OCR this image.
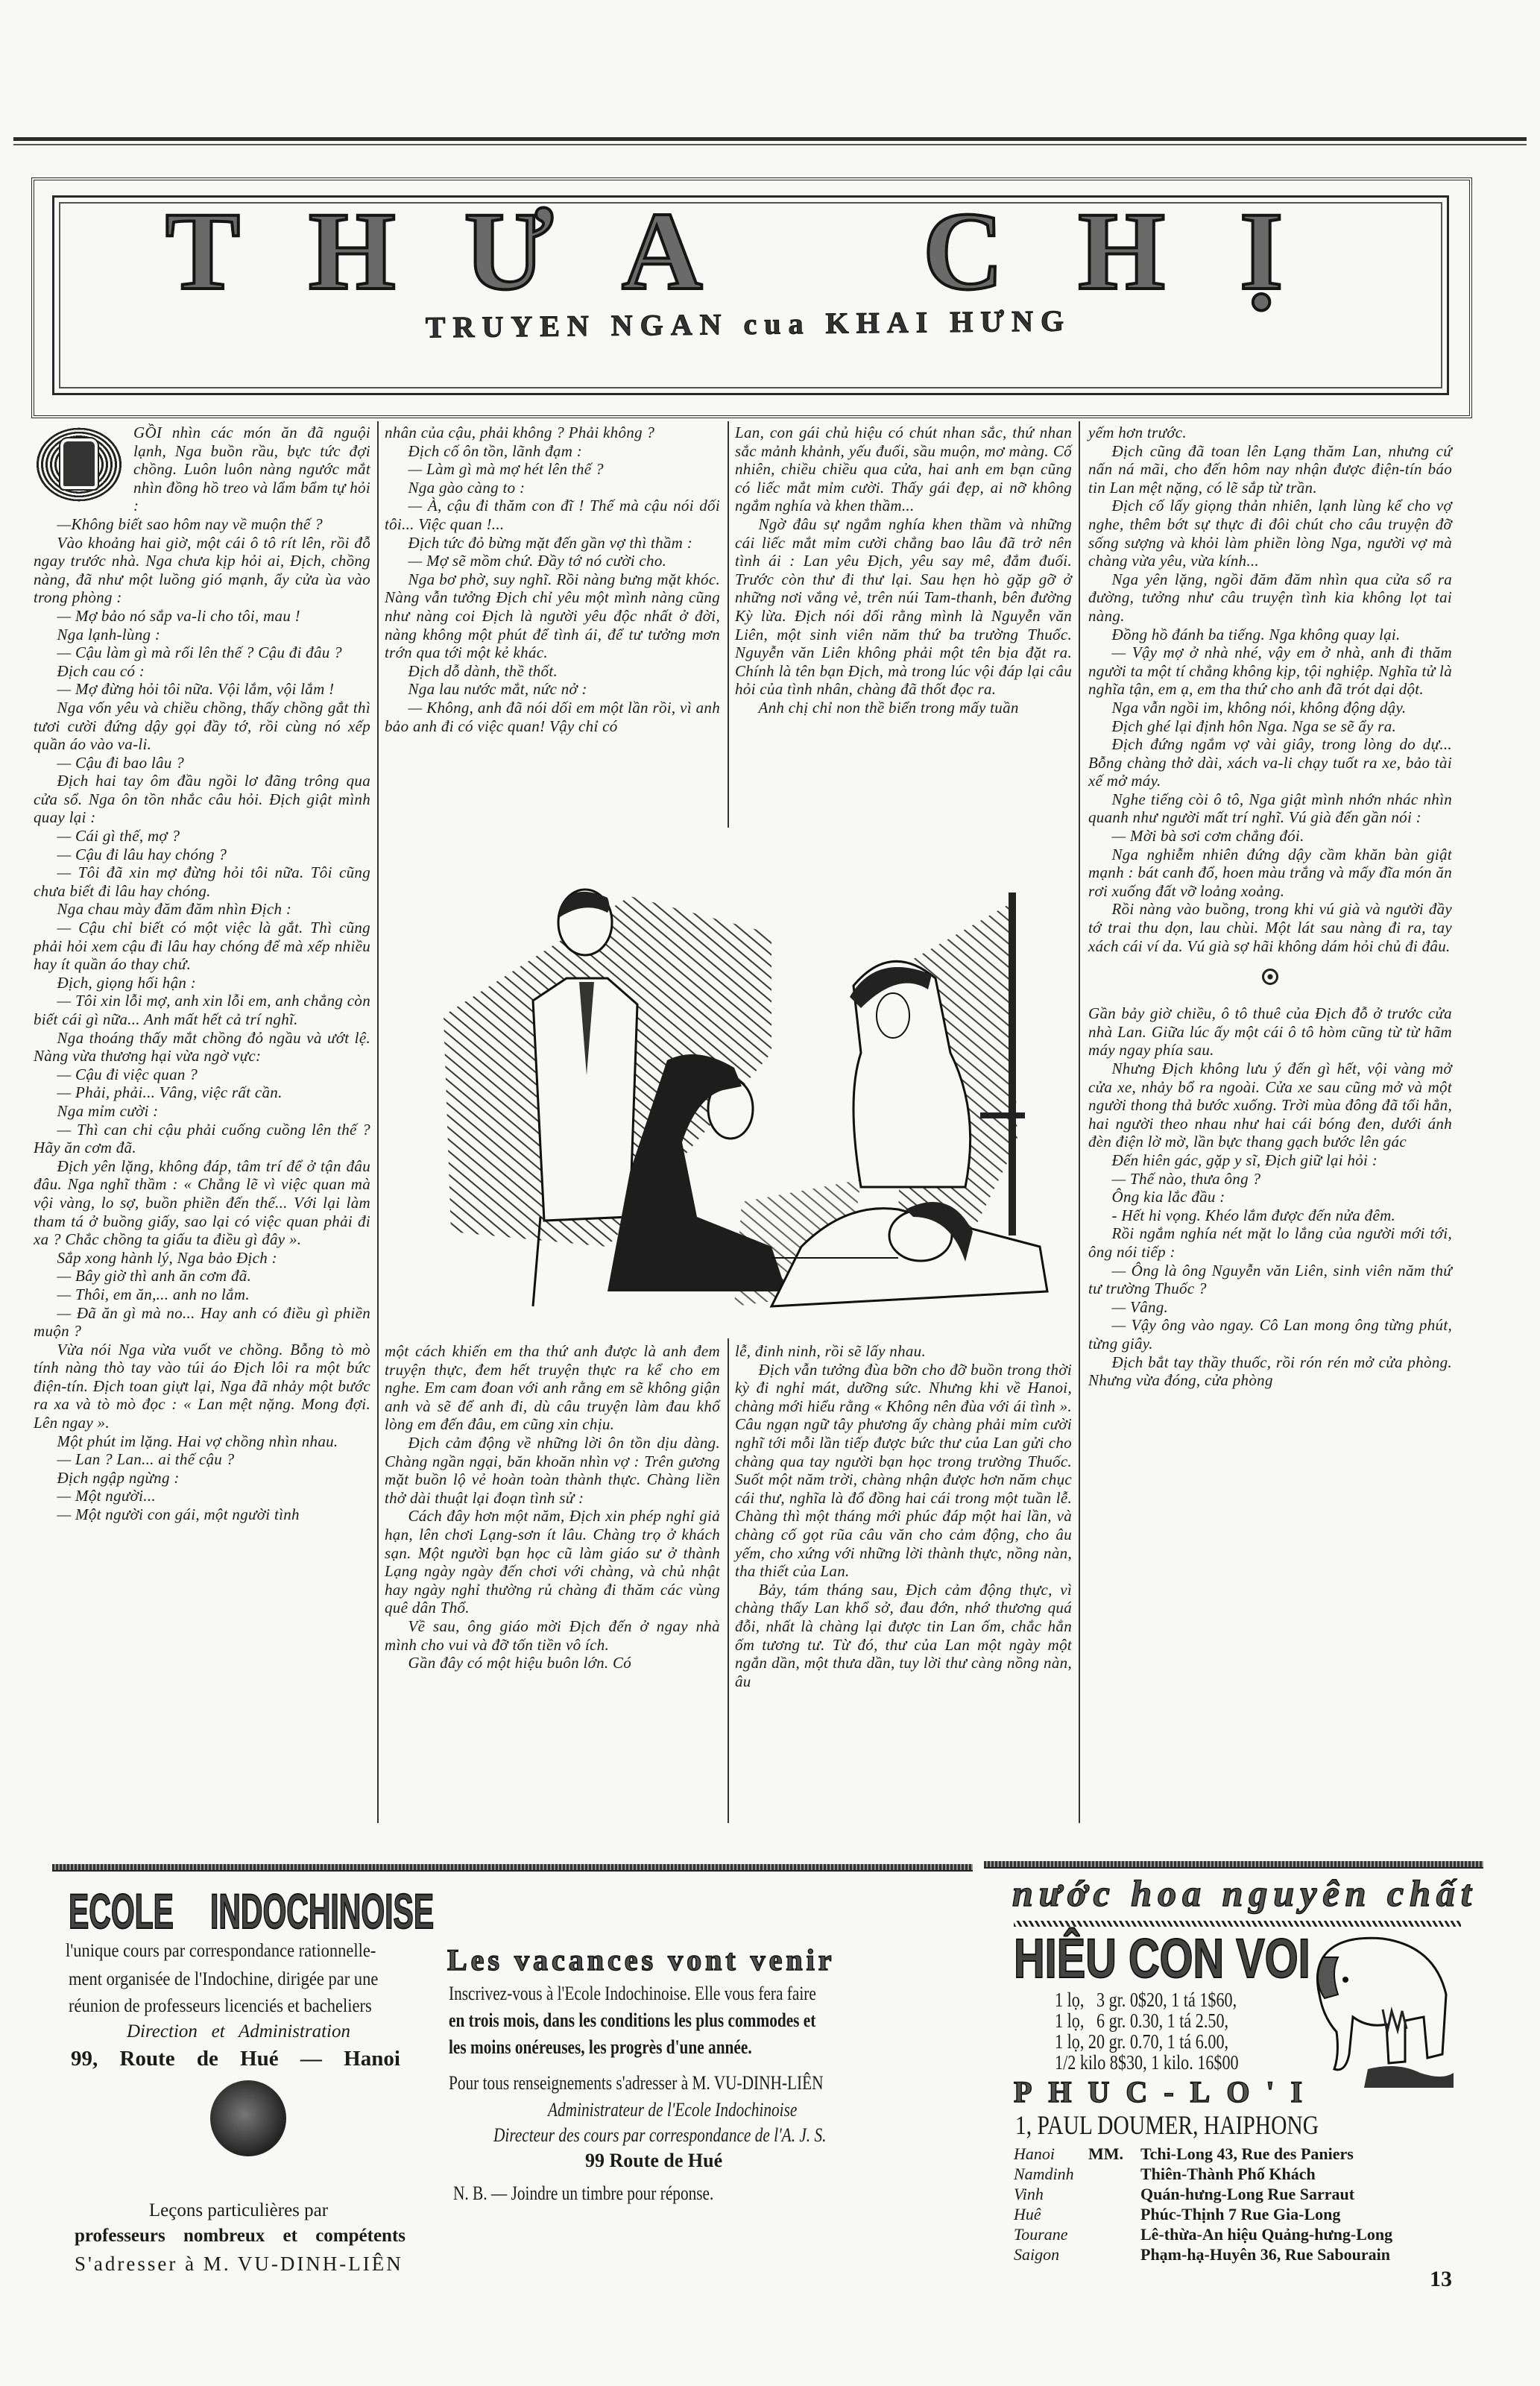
THƯA CHỊ
TRUYEN NGAN cua KHAI HƯNG

GỒI nhìn các món ăn đã nguội lạnh, Nga buồn rầu, bực tức đợi chồng. Luôn luôn nàng ngước mắt nhìn đồng hồ treo và lẩm bẩm tự hỏi :

—Không biết sao hôm nay về muộn thế ?

Vào khoảng hai giờ, một cái ô tô rít lên, rồi đỗ ngay trước nhà. Nga chưa kịp hỏi ai, Địch, chồng nàng, đã như một luồng gió mạnh, ẩy cửa ùa vào trong phòng :

— Mợ bảo nó sắp va-li cho tôi, mau !

Nga lạnh-lùng :

— Cậu làm gì mà rối lên thế ? Cậu đi đâu ?

Địch cau có :

— Mợ đừng hỏi tôi nữa. Vội lắm, vội lắm !

Nga vốn yêu và chiều chồng, thấy chồng gắt thì tươi cười đứng dậy gọi đầy tớ, rồi cùng nó xếp quần áo vào va-li.

— Cậu đi bao lâu ?

Địch hai tay ôm đầu ngồi lơ đãng trông qua cửa sổ. Nga ôn tồn nhắc câu hỏi. Địch giật mình quay lại :

— Cái gì thế, mợ ?

— Cậu đi lâu hay chóng ?

— Tôi đã xin mợ đừng hỏi tôi nữa. Tôi cũng chưa biết đi lâu hay chóng.

Nga chau mày đăm đăm nhìn Địch :

— Cậu chỉ biết có một việc là gắt. Thì cũng phải hỏi xem cậu đi lâu hay chóng để mà xếp nhiều hay ít quần áo thay chứ.

Địch, giọng hối hận :

— Tôi xin lỗi mợ, anh xin lỗi em, anh chẳng còn biết cái gì nữa... Anh mất hết cả trí nghĩ.

Nga thoáng thấy mắt chồng đỏ ngầu và ướt lệ. Nàng vừa thương hại vừa ngờ vực:

— Cậu đi việc quan ?

— Phải, phải... Vâng, việc rất cần.

Nga mỉm cười :

— Thì can chi cậu phải cuống cuồng lên thế ? Hãy ăn cơm đã.

Địch yên lặng, không đáp, tâm trí để ở tận đâu đâu. Nga nghĩ thầm : « Chẳng lẽ vì việc quan mà vội vàng, lo sợ, buồn phiền đến thế... Với lại làm tham tá ở buồng giấy, sao lại có việc quan phải đi xa ? Chắc chồng ta giấu ta điều gì đây ».

Sắp xong hành lý, Nga bảo Địch :

— Bây giờ thì anh ăn cơm đã.

— Thôi, em ăn,... anh no lắm.

— Đã ăn gì mà no... Hay anh có điều gì phiền muộn ?

Vừa nói Nga vừa vuốt ve chồng. Bỗng tò mò tính nàng thò tay vào túi áo Địch lôi ra một bức điện-tín. Địch toan giựt lại, Nga đã nhảy một bước ra xa và tò mò đọc : « Lan mệt nặng. Mong đợi. Lên ngay ».

Một phút im lặng. Hai vợ chồng nhìn nhau.

— Lan ? Lan... ai thế cậu ?

Địch ngập ngừng :

— Một người...

— Một người con gái, một người tình

nhân của cậu, phải không ? Phải không ?

Địch cố ôn tồn, lãnh đạm :

— Làm gì mà mợ hét lên thế ?

Nga gào càng to :

— À, cậu đi thăm con đĩ ! Thế mà cậu nói dối tôi... Việc quan !...

Địch tức đỏ bừng mặt đến gần vợ thì thầm :

— Mợ sẽ mồm chứ. Đầy tớ nó cười cho.

Nga bơ phờ, suy nghĩ. Rồi nàng bưng mặt khóc. Nàng vẫn tưởng Địch chỉ yêu một mình nàng cũng như nàng coi Địch là người yêu độc nhất ở đời, nàng không một phút để tình ái, để tư tưởng mơn trớn qua tới một kẻ khác.

Địch dỗ dành, thề thốt.

Nga lau nước mắt, nức nở :

— Không, anh đã nói dối em một lần rồi, vì anh bảo anh đi có việc quan! Vậy chỉ có

Lan, con gái chủ hiệu có chút nhan sắc, thứ nhan sắc mảnh khảnh, yếu đuối, sầu muộn, mơ màng. Cố nhiên, chiều chiều qua cửa, hai anh em bạn cũng có liếc mắt mỉm cười. Thấy gái đẹp, ai nỡ không ngắm nghía và khen thầm...

Ngờ đâu sự ngắm nghía khen thầm và những cái liếc mắt mỉm cười chẳng bao lâu đã trở nên tình ái : Lan yêu Địch, yêu say mê, đắm đuối. Trước còn thư đi thư lại. Sau hẹn hò gặp gỡ ở những nơi vắng vẻ, trên núi Tam-thanh, bên đường Kỳ lừa. Địch nói dối rằng mình là Nguyễn văn Liên, một sinh viên năm thứ ba trường Thuốc. Nguyễn văn Liên không phải một tên bịa đặt ra. Chính là tên bạn Địch, mà trong lúc vội đáp lại câu hỏi của tình nhân, chàng đã thốt đọc ra.

Anh chị chỉ non thề biển trong mấy tuần

một cách khiến em tha thứ anh được là anh đem truyện thực, đem hết truyện thực ra kể cho em nghe. Em cam đoan với anh rằng em sẽ không giận anh và sẽ để anh đi, dù câu truyện làm đau khổ lòng em đến đâu, em cũng xin chịu.

Địch cảm động về những lời ôn tồn dịu dàng. Chàng ngần ngại, băn khoăn nhìn vợ : Trên gương mặt buồn lộ vẻ hoàn toàn thành thực. Chàng liền thở dài thuật lại đoạn tình sử :

Cách đây hơn một năm, Địch xin phép nghỉ giả hạn, lên chơi Lạng-sơn ít lâu. Chàng trọ ở khách sạn. Một người bạn học cũ làm giáo sư ở thành Lạng ngày ngày đến chơi với chàng, và chủ nhật hay ngày nghỉ thường rủ chàng đi thăm các vùng quê dân Thổ.

Về sau, ông giáo mời Địch đến ở ngay nhà mình cho vui và đỡ tốn tiền vô ích.

Gần đây có một hiệu buôn lớn. Có

lễ, đinh ninh, rồi sẽ lấy nhau.

Địch vẫn tưởng đùa bỡn cho đỡ buồn trong thời kỳ đi nghỉ mát, dưỡng sức. Nhưng khi về Hanoi, chàng mới hiểu rằng « Không nên đùa với ái tình ». Câu ngạn ngữ tây phương ấy chàng phải mỉm cười nghĩ tới mỗi lần tiếp được bức thư của Lan gửi cho chàng qua tay người bạn học trong trường Thuốc. Suốt một năm trời, chàng nhận được hơn năm chục cái thư, nghĩa là đổ đồng hai cái trong một tuần lễ. Chàng thì một tháng mới phúc đáp một hai lần, và chàng cố gọt rũa câu văn cho cảm động, cho âu yếm, cho xứng với những lời thành thực, nồng nàn, tha thiết của Lan.

Bảy, tám tháng sau, Địch cảm động thực, vì chàng thấy Lan khổ sở, đau đớn, nhớ thương quá đỗi, nhất là chàng lại được tin Lan ốm, chắc hẳn ốm tương tư. Từ đó, thư của Lan một ngày một ngắn dần, một thưa dần, tuy lời thư càng nồng nàn, âu

yếm hơn trước.

Địch cũng đã toan lên Lạng thăm Lan, nhưng cứ nấn ná mãi, cho đến hôm nay nhận được điện-tín báo tin Lan mệt nặng, có lẽ sắp từ trần.

Địch cố lấy giọng thản nhiên, lạnh lùng kể cho vợ nghe, thêm bớt sự thực đi đôi chút cho câu truyện đỡ sống sượng và khỏi làm phiền lòng Nga, người vợ mà chàng vừa yêu, vừa kính...

Nga yên lặng, ngồi đăm đăm nhìn qua cửa sổ ra đường, tưởng như câu truyện tình kia không lọt tai nàng.

Đồng hồ đánh ba tiếng. Nga không quay lại.

— Vậy mợ ở nhà nhé, vậy em ở nhà, anh đi thăm người ta một tí chẳng không kịp, tội nghiệp. Nghĩa tử là nghĩa tận, em ạ, em tha thứ cho anh đã trót dại dột.

Nga vẫn ngồi im, không nói, không động dậy.

Địch ghé lại định hôn Nga. Nga se sẽ ẩy ra.

Địch đứng ngắm vợ vài giây, trong lòng do dự... Bỗng chàng thở dài, xách va-li chạy tuốt ra xe, bảo tài xế mở máy.

Nghe tiếng còi ô tô, Nga giật mình nhớn nhác nhìn quanh như người mất trí nghĩ. Vú già đến gần nói :

— Mời bà sơi cơm chẳng đói.

Nga nghiễm nhiên đứng dậy cầm khăn bàn giật mạnh : bát canh đổ, hoen màu trắng và mấy đĩa món ăn rơi xuống đất vỡ loảng xoảng.

Rồi nàng vào buồng, trong khi vú già và người đầy tớ trai thu dọn, lau chùi. Một lát sau nàng đi ra, tay xách cái ví da. Vú già sợ hãi không dám hỏi chủ đi đâu.

Gần bảy giờ chiều, ô tô thuê của Địch đỗ ở trước cửa nhà Lan. Giữa lúc ấy một cái ô tô hòm cũng từ từ hãm máy ngay phía sau.

Nhưng Địch không lưu ý đến gì hết, vội vàng mở cửa xe, nhảy bổ ra ngoài. Cửa xe sau cũng mở và một người thong thả bước xuống. Trời mùa đông đã tối hẳn, hai người theo nhau như hai cái bóng đen, dưới ánh đèn điện lờ mờ, lần bực thang gạch bước lên gác

Đến hiên gác, gặp y sĩ, Địch giữ lại hỏi :

— Thế nào, thưa ông ?

Ông kia lắc đầu :

- Hết hi vọng. Khéo lắm được đến nửa đêm.

Rồi ngắm nghía nét mặt lo lắng của người mới tới, ông nói tiếp :

— Ông là ông Nguyễn văn Liên, sinh viên năm thứ tư trường Thuốc ?

— Vâng.

— Vậy ông vào ngay. Cô Lan mong ông từng phút, từng giây.

Địch bắt tay thầy thuốc, rồi rón rén mở cửa phòng. Nhưng vừa đóng, cửa phòng

ECOLE INDOCHINOISE
l'unique cours par correspondance rationnelle-
ment organisée de l'Indochine, dirigée par une
réunion de professeurs licenciés et bacheliers
Direction   et   Administration
99, Route de Hué — Hanoi
Leçons particulières par
professeurs nombreux et compétents
S'adresser à M. VU-DINH-LIÊN
Les vacances vont venir
Inscrivez-vous à l'Ecole Indochinoise. Elle vous fera faire
en trois mois, dans les conditions les plus commodes et
les moins onéreuses, les progrès d'une année.
Pour tous renseignements s'adresser à M. VU-DINH-LIÊN
Administrateur de l'Ecole Indochinoise
Directeur des cours par correspondance de l'A. J. S.
99 Route de Hué
N. B. — Joindre un timbre pour réponse.
nước hoa nguyên chất
HIÊU CON VOI
1 lọ,   3 gr. 0$20, 1 tá 1$60,
1 lọ,   6 gr. 0.30, 1 tá 2.50,
1 lọ, 20 gr. 0.70, 1 tá 6.00,
1/2 kilo 8$30, 1 kilo. 16$00
PHUC-LO'I
1, PAUL DOUMER, HAIPHONG
Hanoi MM. Tchi-Long 43, Rue des Paniers
Namdinh	Thiên-Thành Phố Khách
Vinh	Quán-hưng-Long Rue Sarraut
Huê	Phúc-Thịnh 7 Rue Gia-Long
Tourane	Lê-thừa-An hiệu Quảng-hưng-Long
Saigon	Phạm-hạ-Huyên 36, Rue Sabourain
13
